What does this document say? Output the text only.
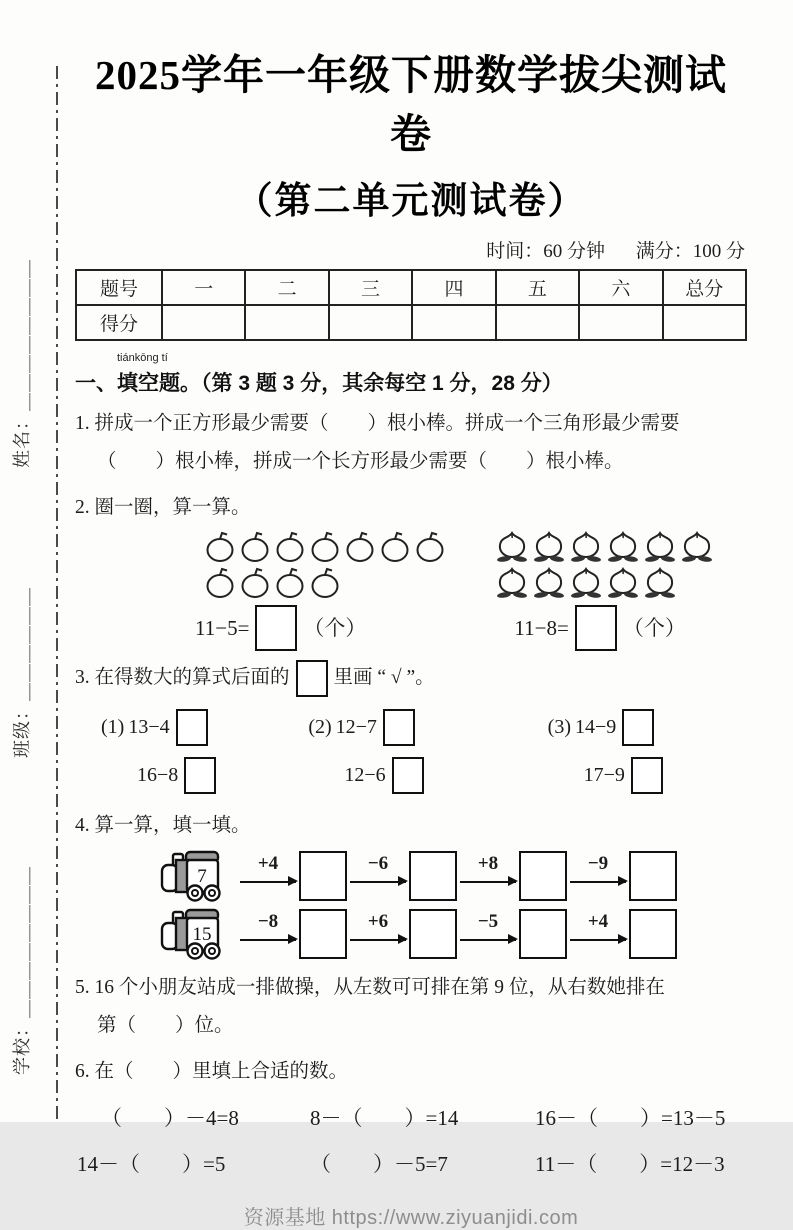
姓名：＿＿＿＿＿＿＿＿
班级：＿＿＿＿＿＿
学校：＿＿＿＿＿＿＿＿
2025学年一年级下册数学拔尖测试卷
（第二单元测试卷）
时间：60 分钟 满分：100 分
题号	一	二	三	四	五	六	总分
得分							
tiánkōng tí
一、填空题。（第 3 题 3 分，其余每空 1 分，28 分）
1. 拼成一个正方形最少需要（　　）根小棒。拼成一个三角形最少需要
（　　）根小棒，拼成一个长方形最少需要（　　）根小棒。
2. 圈一圈，算一算。
11−5=	（个）	11−8=	（个）
3. 在得数大的算式后面的 里画 “ √ ”。
(1) 13−4
16−8
(2) 12−7
12−6
(3) 14−9
17−9
4. 算一算，填一填。
7
+4	−6	+8	−9
15
−8	+6	−5	+4
5. 16 个小朋友站成一排做操，从左数可可排在第 9 位，从右数她排在
第（　　）位。
6. 在（　　）里填上合适的数。
（　　）－4=8	8－（　　）=14	16－（　　）=13－5
14－（　　）=5	（　　）－5=7	11－（　　）=12－3
资源基地 https://www.ziyuanjidi.com
